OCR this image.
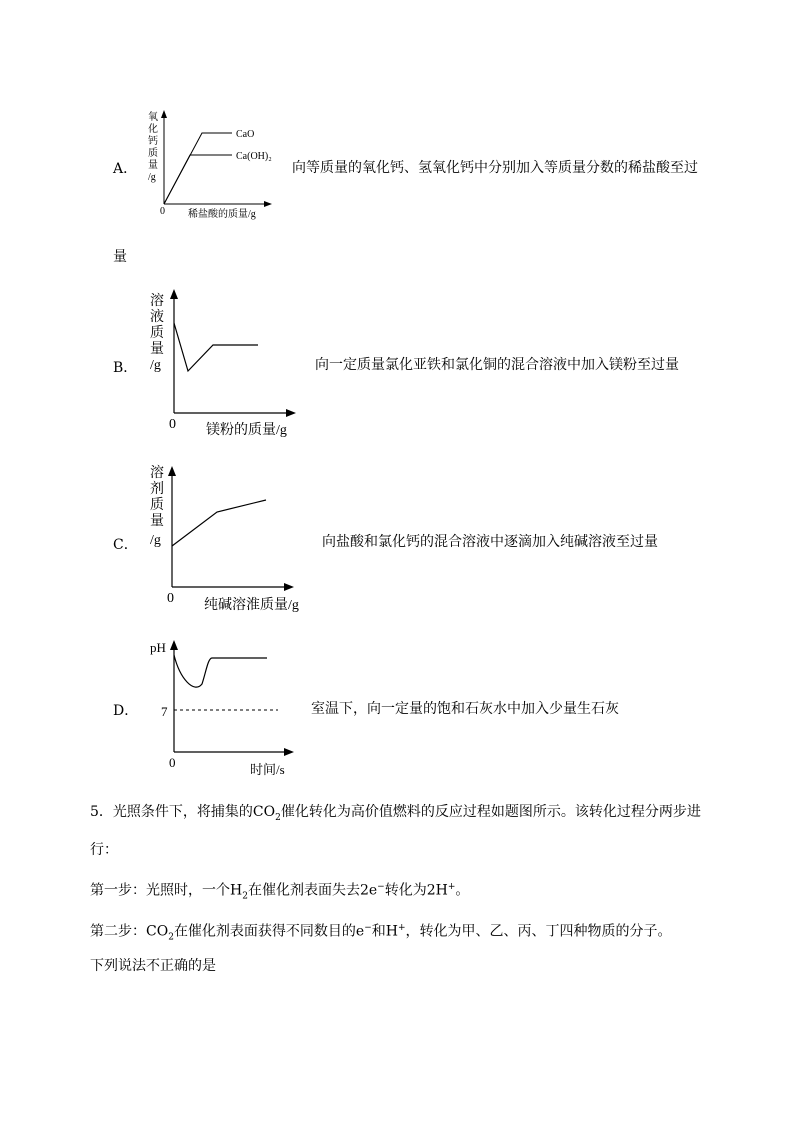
A．
氧
化
钙
质
量
/g
CaO
Ca(OH)₂
0 稀盐酸的质量/g
向等质量的氧化钙、氢氧化钙中分别加入等质量分数的稀盐酸至过
量
B．
溶
液
质
量
/g
0 镁粉的质量/g
向一定质量氯化亚铁和氯化铜的混合溶液中加入镁粉至过量
C．
溶
剂
质
量
/g
0 纯碱溶淮质量/g
向盐酸和氯化钙的混合溶液中逐滴加入纯碱溶液至过量
D．
pH
7
0	时间/s
室温下，向一定量的饱和石灰水中加入少量生石灰
5．光照条件下，将捕集的$CO_2$催化转化为高价值燃料的反应过程如题图所示。该转化过程分两步进
行：
第一步：光照时，一个$H_2$在催化剂表面失去2e−转化为2H+。
第二步：$CO_2$在催化剂表面获得不同数目的e−和H+，转化为甲、乙、丙、丁四种物质的分子。
下列说法不正确的是
